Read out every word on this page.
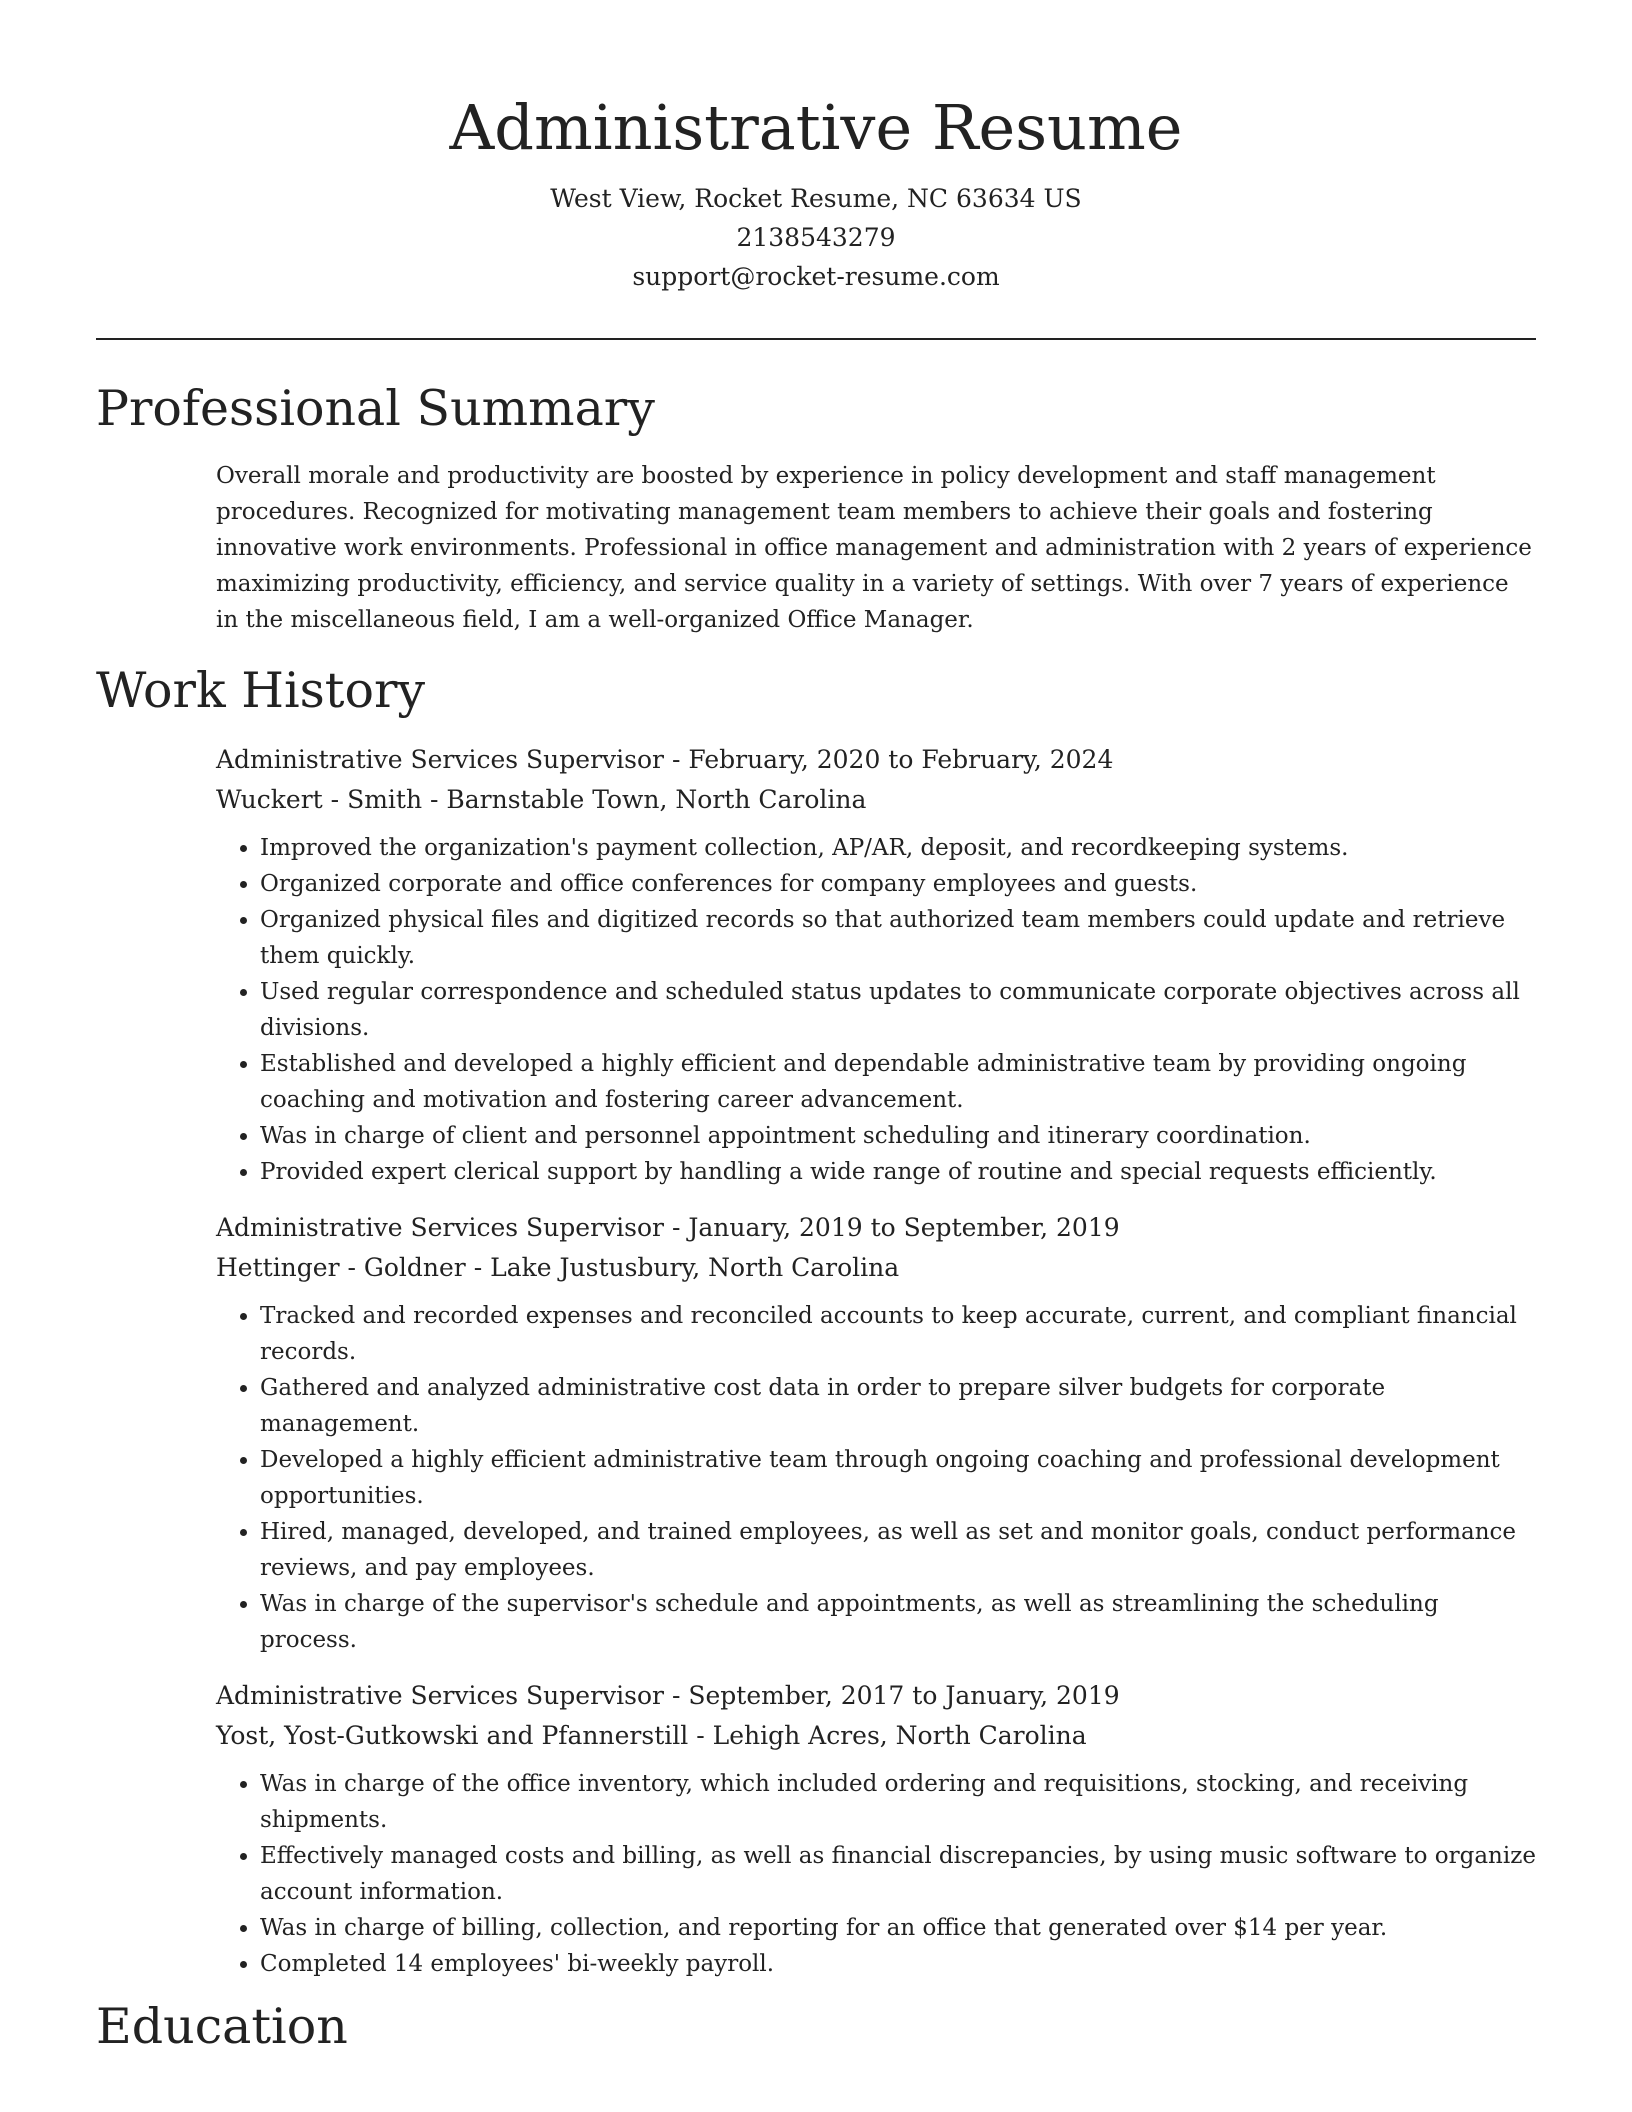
Administrative Resume
West View, Rocket Resume, NC 63634 US
2138543279
support@rocket-resume.com
Professional Summary

Overall morale and productivity are boosted by experience in policy development and staff management procedures. Recognized for motivating management team members to achieve their goals and fostering innovative work environments. Professional in office management and administration with 2 years of experience maximizing productivity, efficiency, and service quality in a variety of settings. With over 7 years of experience in the miscellaneous field, I am a well-organized Office Manager.

Work History
Administrative Services Supervisor - February, 2020 to February, 2024
Wuckert - Smith - Barnstable Town, North Carolina
• Improved the organization's payment collection, AP/AR, deposit, and recordkeeping systems.
• Organized corporate and office conferences for company employees and guests.
• Organized physical files and digitized records so that authorized team members could update and retrieve them quickly.
• Used regular correspondence and scheduled status updates to communicate corporate objectives across all divisions.
• Established and developed a highly efficient and dependable administrative team by providing ongoing coaching and motivation and fostering career advancement.
• Was in charge of client and personnel appointment scheduling and itinerary coordination.
• Provided expert clerical support by handling a wide range of routine and special requests efficiently.
Administrative Services Supervisor - January, 2019 to September, 2019
Hettinger - Goldner - Lake Justusbury, North Carolina
• Tracked and recorded expenses and reconciled accounts to keep accurate, current, and compliant financial records.
• Gathered and analyzed administrative cost data in order to prepare silver budgets for corporate management.
• Developed a highly efficient administrative team through ongoing coaching and professional development opportunities.
• Hired, managed, developed, and trained employees, as well as set and monitor goals, conduct performance reviews, and pay employees.
• Was in charge of the supervisor's schedule and appointments, as well as streamlining the scheduling process.
Administrative Services Supervisor - September, 2017 to January, 2019
Yost, Yost-Gutkowski and Pfannerstill - Lehigh Acres, North Carolina
• Was in charge of the office inventory, which included ordering and requisitions, stocking, and receiving shipments.
• Effectively managed costs and billing, as well as financial discrepancies, by using music software to organize account information.
• Was in charge of billing, collection, and reporting for an office that generated over $14 per year.
• Completed 14 employees' bi-weekly payroll.
Education
